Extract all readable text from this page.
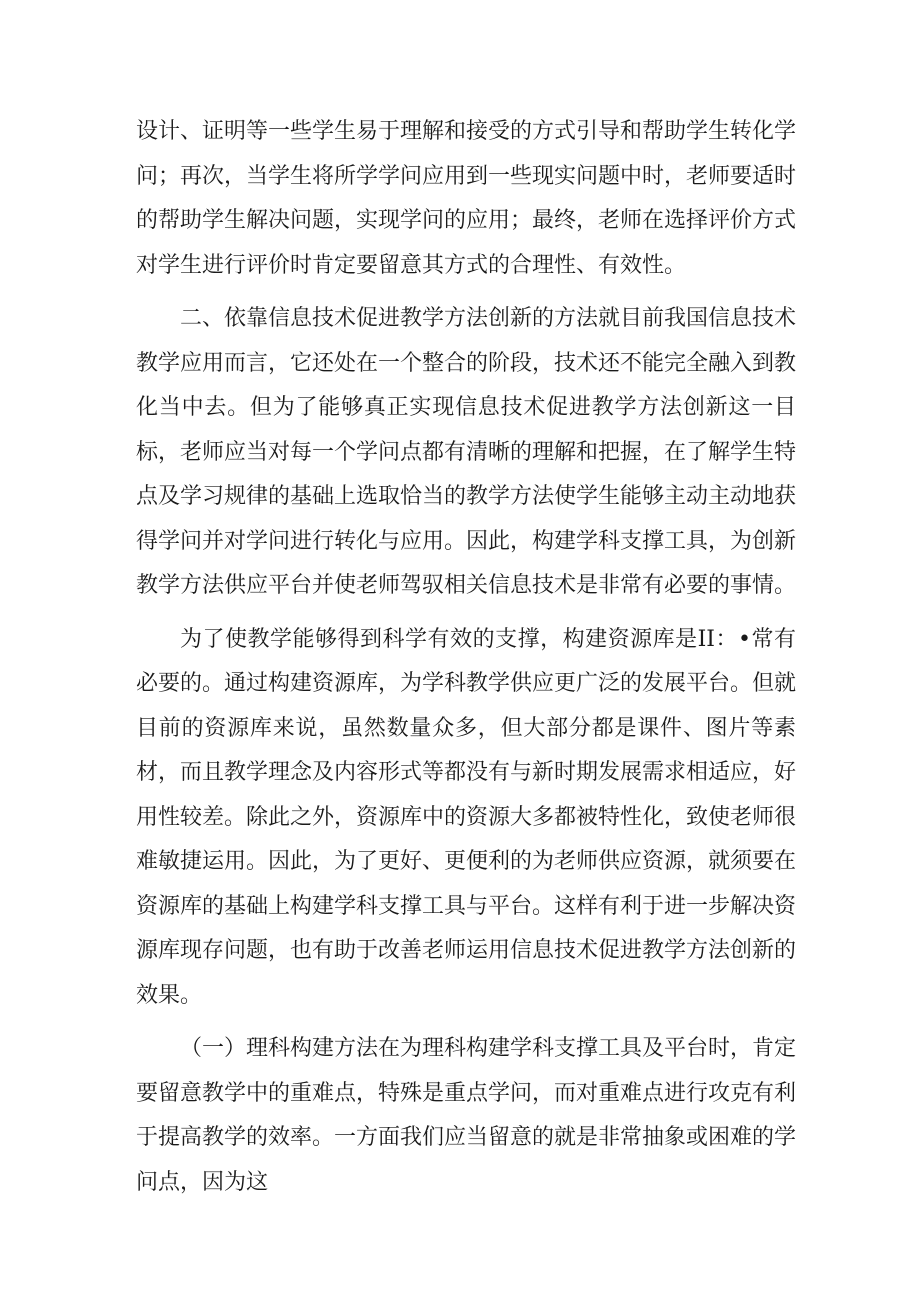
设计、证明等一些学生易于理解和接受的方式引导和帮助学生转化学问；再次，当学生将所学学问应用到一些现实问题中时，老师要适时的帮助学生解决问题，实现学问的应用；最终，老师在选择评价方式对学生进行评价时肯定要留意其方式的合理性、有效性。

二、依靠信息技术促进教学方法创新的方法就目前我国信息技术教学应用而言，它还处在一个整合的阶段，技术还不能完全融入到教化当中去。但为了能够真正实现信息技术促进教学方法创新这一目标，老师应当对每一个学问点都有清晰的理解和把握，在了解学生特点及学习规律的基础上选取恰当的教学方法使学生能够主动主动地获得学问并对学问进行转化与应用。因此，构建学科支撑工具，为创新教学方法供应平台并使老师驾驭相关信息技术是非常有必要的事情。

为了使教学能够得到科学有效的支撑，构建资源库是II：•常有必要的。通过构建资源库，为学科教学供应更广泛的发展平台。但就目前的资源库来说，虽然数量众多，但大部分都是课件、图片等素材，而且教学理念及内容形式等都没有与新时期发展需求相适应，好用性较差。除此之外，资源库中的资源大多都被特性化，致使老师很难敏捷运用。因此，为了更好、更便利的为老师供应资源，就须要在资源库的基础上构建学科支撑工具与平台。这样有利于进一步解决资源库现存问题，也有助于改善老师运用信息技术促进教学方法创新的效果。

（一）理科构建方法在为理科构建学科支撑工具及平台时，肯定要留意教学中的重难点，特殊是重点学问，而对重难点进行攻克有利于提高教学的效率。一方面我们应当留意的就是非常抽象或困难的学问点，因为这
